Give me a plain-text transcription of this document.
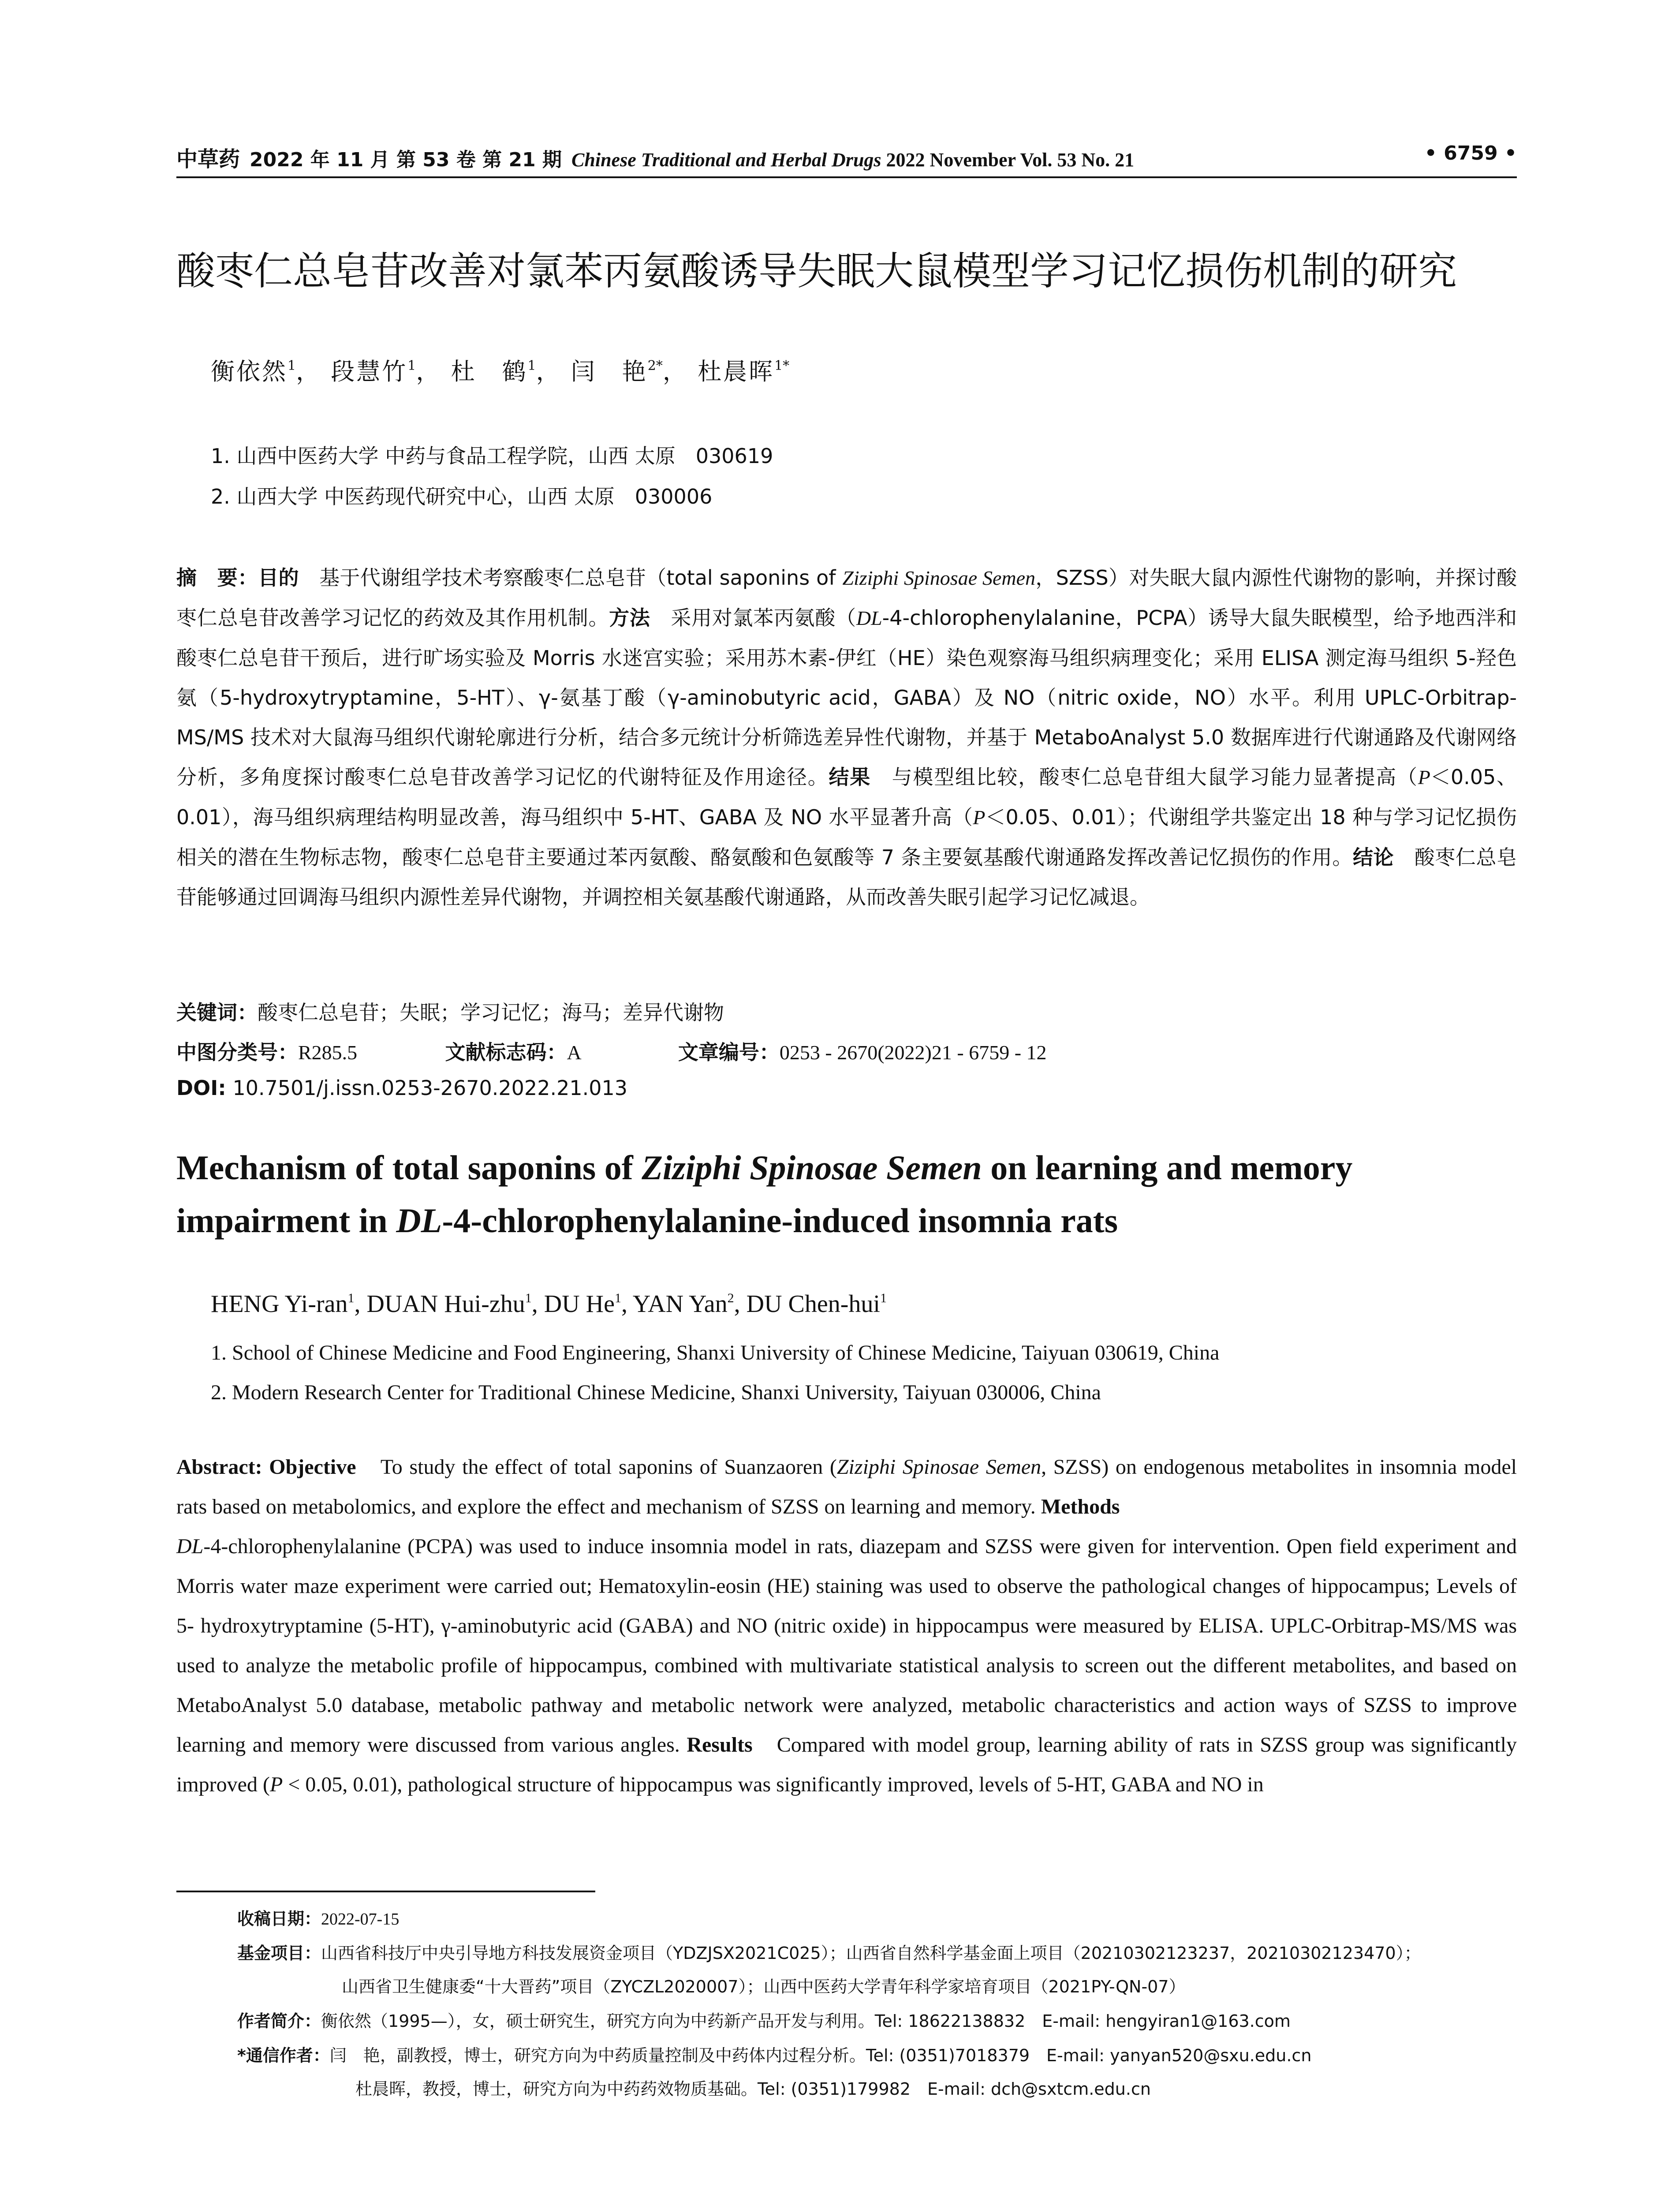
中草药 2022 年 11 月 第 53 卷 第 21 期 Chinese Traditional and Herbal Drugs 2022 November Vol. 53 No. 21	• 6759 •
酸枣仁总皂苷改善对氯苯丙氨酸诱导失眠大鼠模型学习记忆损伤机制的研究
衡依然$^1$， 段慧竹$^1$， 杜　鹤$^1$， 闫　艳$^{2*}$， 杜晨晖$^{1*}$
1. 山西中医药大学 中药与食品工程学院，山西 太原　030619
2. 山西大学 中医药现代研究中心，山西 太原　030006
摘　要：目的　基于代谢组学技术考察酸枣仁总皂苷（total saponins of Ziziphi Spinosae Semen，SZSS）对失眠大鼠内源性代谢物的影响，并探讨酸枣仁总皂苷改善学习记忆的药效及其作用机制。方法　采用对氯苯丙氨酸（DL-4-chlorophenylalanine，PCPA）诱导大鼠失眠模型，给予地西泮和酸枣仁总皂苷干预后，进行旷场实验及 Morris 水迷宫实验；采用苏木素-伊红（HE）染色观察海马组织病理变化；采用 ELISA 测定海马组织 5-羟色氨（5-hydroxytryptamine，5-HT）、γ-氨基丁酸（γ-aminobutyric acid，GABA）及 NO（nitric oxide，NO）水平。利用 UPLC-Orbitrap-MS/MS 技术对大鼠海马组织代谢轮廓进行分析，结合多元统计分析筛选差异性代谢物，并基于 MetaboAnalyst 5.0 数据库进行代谢通路及代谢网络分析，多角度探讨酸枣仁总皂苷改善学习记忆的代谢特征及作用途径。结果　与模型组比较，酸枣仁总皂苷组大鼠学习能力显著提高（P＜0.05、0.01），海马组织病理结构明显改善，海马组织中 5-HT、GABA 及 NO 水平显著升高（P＜0.05、0.01）；代谢组学共鉴定出 18 种与学习记忆损伤相关的潜在生物标志物，酸枣仁总皂苷主要通过苯丙氨酸、酪氨酸和色氨酸等 7 条主要氨基酸代谢通路发挥改善记忆损伤的作用。结论　酸枣仁总皂苷能够通过回调海马组织内源性差异代谢物，并调控相关氨基酸代谢通路，从而改善失眠引起学习记忆减退。
关键词：酸枣仁总皂苷；失眠；学习记忆；海马；差异代谢物
中图分类号：R285.5	文献标志码：A	文章编号：0253 - 2670(2022)21 - 6759 - 12
DOI: 10.7501/j.issn.0253-2670.2022.21.013
Mechanism of total saponins of Ziziphi Spinosae Semen on learning and memory impairment in DL-4-chlorophenylalanine-induced insomnia rats
HENG Yi-ran$^1$, DUAN Hui-zhu$^1$, DU He$^1$, YAN Yan$^2$, DU Chen-hui$^1$
1. School of Chinese Medicine and Food Engineering, Shanxi University of Chinese Medicine, Taiyuan 030619, China
2. Modern Research Center for Traditional Chinese Medicine, Shanxi University, Taiyuan 030006, China
Abstract: Objective　To study the effect of total saponins of Suanzaoren (Ziziphi Spinosae Semen, SZSS) on endogenous metabolites in insomnia model rats based on metabolomics, and explore the effect and mechanism of SZSS on learning and memory. Methods
DL-4-chlorophenylalanine (PCPA) was used to induce insomnia model in rats, diazepam and SZSS were given for intervention. Open field experiment and Morris water maze experiment were carried out; Hematoxylin-eosin (HE) staining was used to observe the pathological changes of hippocampus; Levels of 5- hydroxytryptamine (5-HT), γ-aminobutyric acid (GABA) and NO (nitric oxide) in hippocampus were measured by ELISA. UPLC-Orbitrap-MS/MS was used to analyze the metabolic profile of hippocampus, combined with multivariate statistical analysis to screen out the different metabolites, and based on MetaboAnalyst 5.0 database, metabolic pathway and metabolic network were analyzed, metabolic characteristics and action ways of SZSS to improve learning and memory were discussed from various angles. Results　Compared with model group, learning ability of rats in SZSS group was significantly improved (P < 0.05, 0.01), pathological structure of hippocampus was significantly improved, levels of 5-HT, GABA and NO in
收稿日期：2022-07-15
基金项目：山西省科技厅中央引导地方科技发展资金项目（YDZJSX2021C025）；山西省自然科学基金面上项目（20210302123237，20210302123470）；
山西省卫生健康委“十大晋药”项目（ZYCZL2020007）；山西中医药大学青年科学家培育项目（2021PY-QN-07）
作者简介：衡依然（1995—），女，硕士研究生，研究方向为中药新产品开发与利用。Tel: 18622138832　E-mail: hengyiran1@163.com
*通信作者：闫　艳，副教授，博士，研究方向为中药质量控制及中药体内过程分析。Tel: (0351)7018379　E-mail: yanyan520@sxu.edu.cn
杜晨晖，教授，博士，研究方向为中药药效物质基础。Tel: (0351)179982　E-mail: dch@sxtcm.edu.cn
